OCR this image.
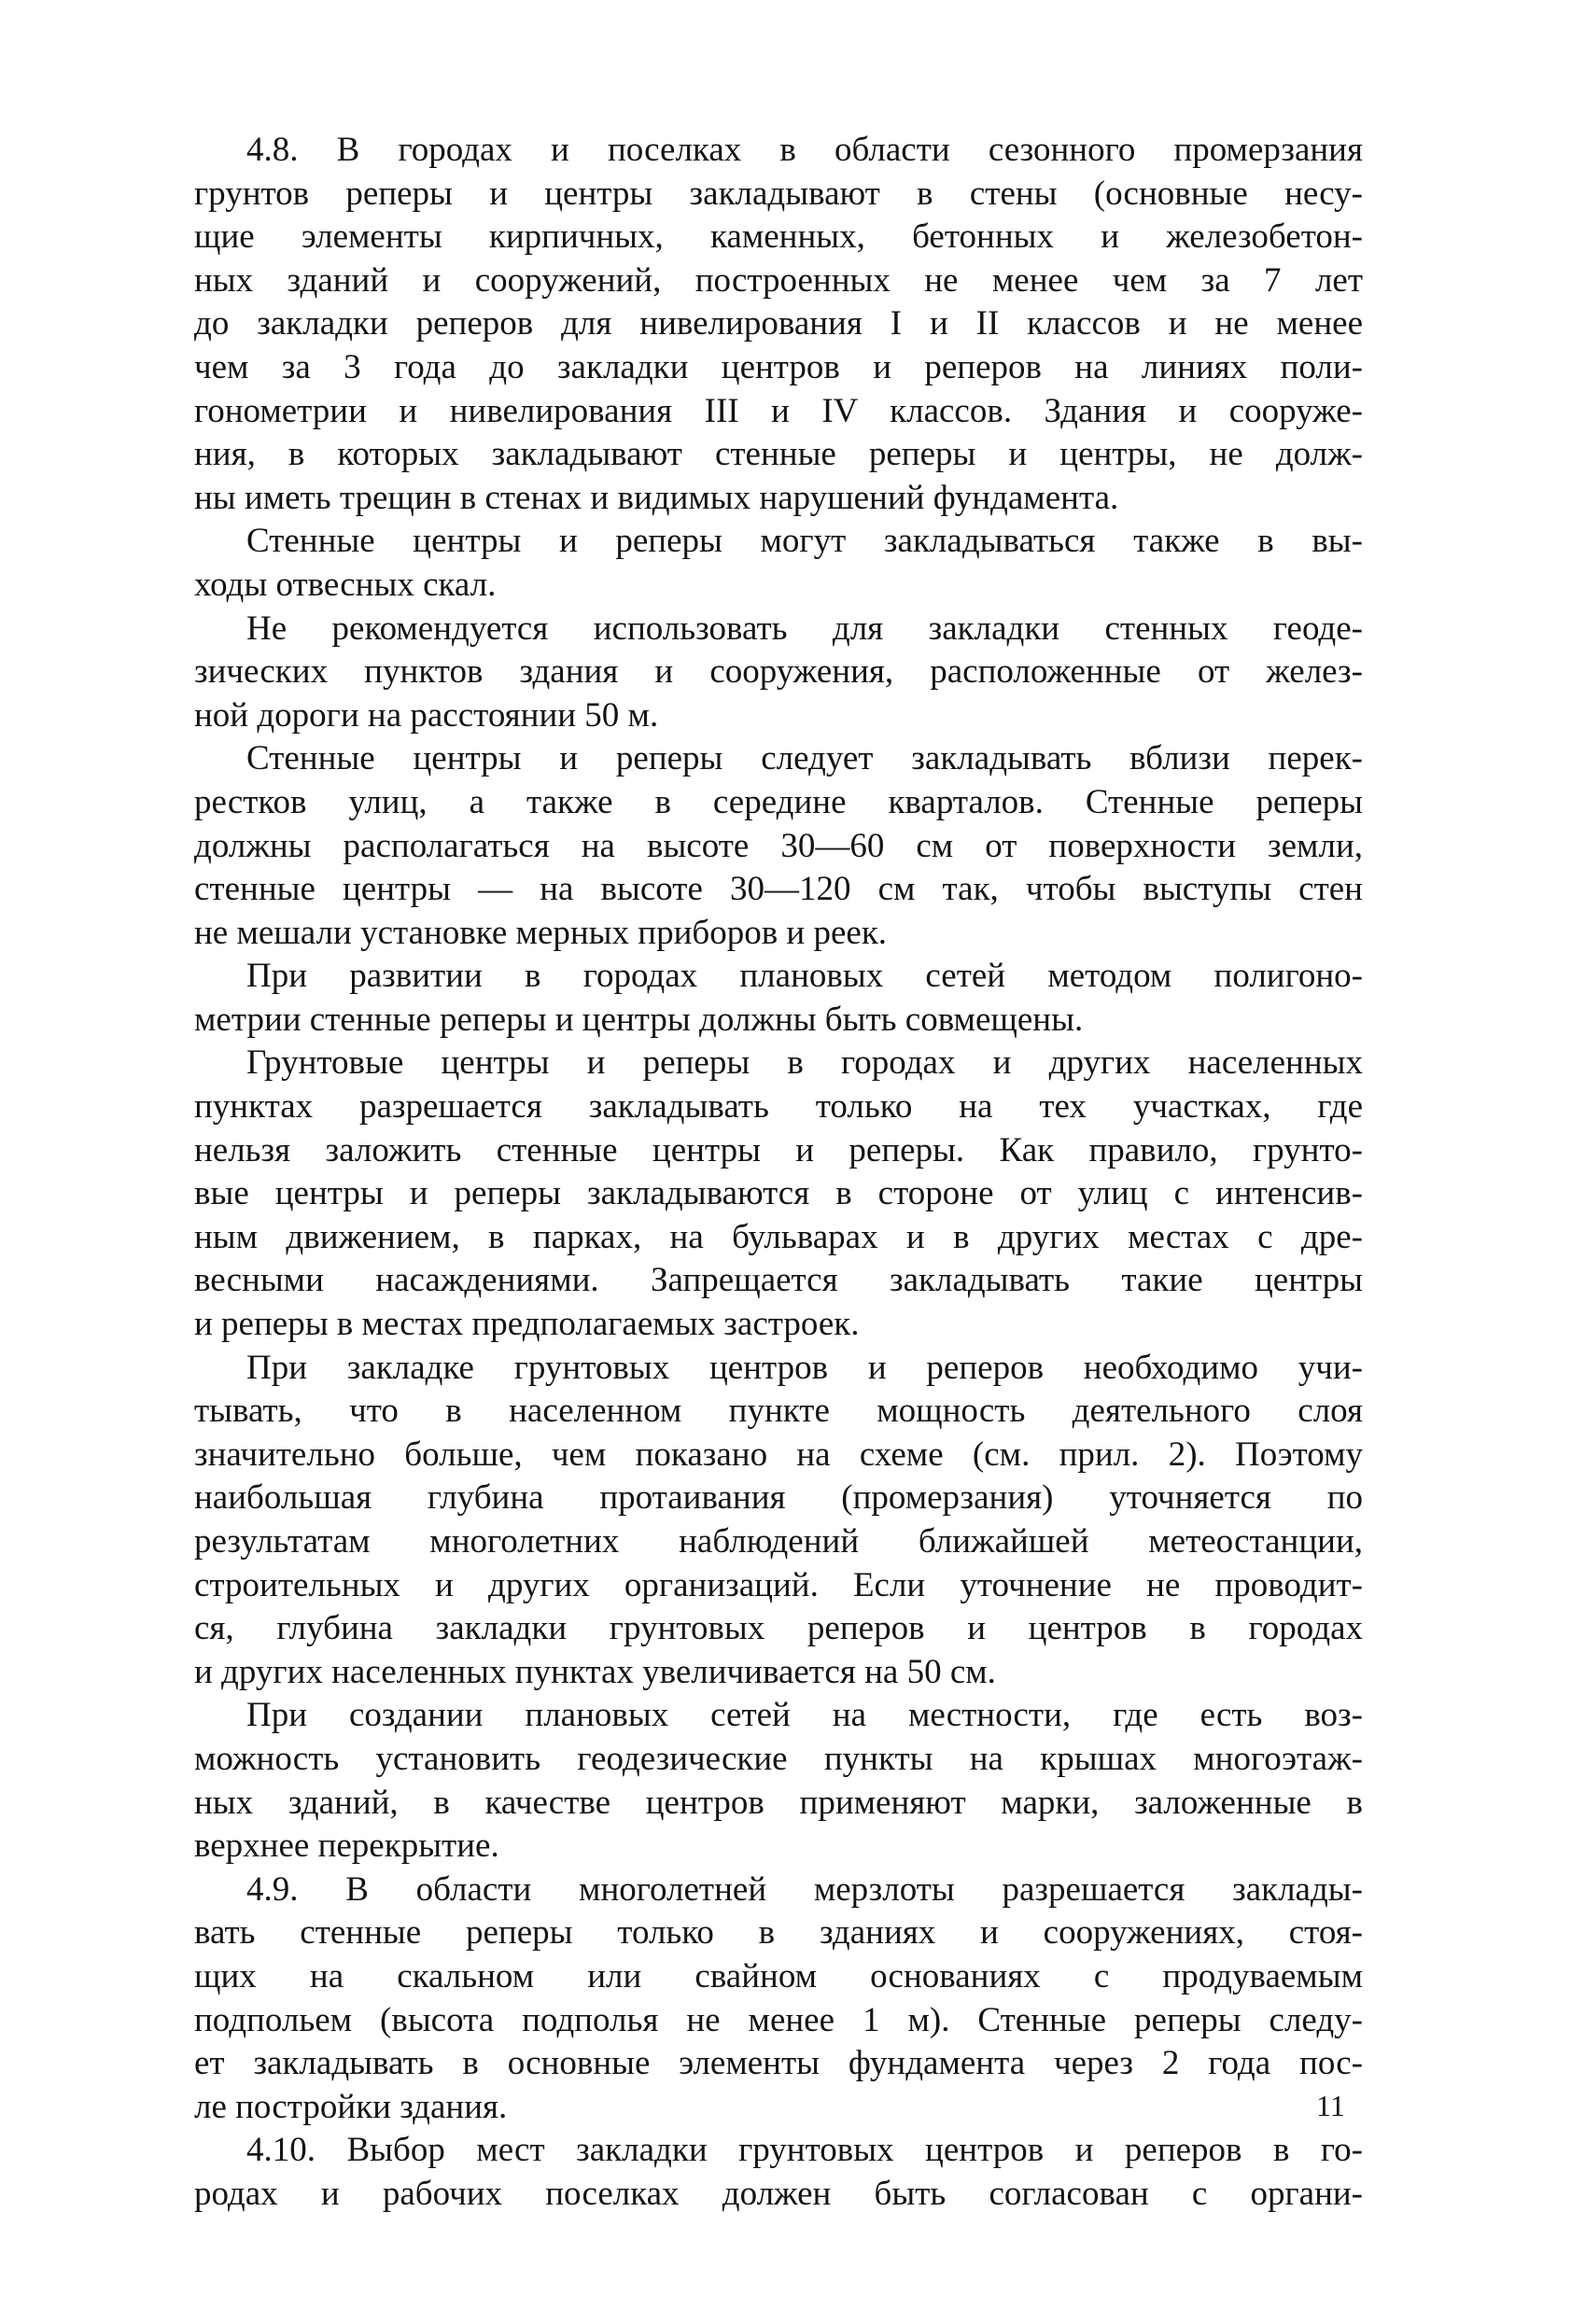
4.8. В городах и поселках в области сезонного промерзания
грунтов реперы и центры закладывают в стены (основные несу-
щие элементы кирпичных, каменных, бетонных и железобетон-
ных зданий и сооружений, построенных не менее чем за 7 лет
до закладки реперов для нивелирования I и II классов и не менее
чем за 3 года до закладки центров и реперов на линиях поли-
гонометрии и нивелирования III и IV классов. Здания и сооруже-
ния, в которых закладывают стенные реперы и центры, не долж-
ны иметь трещин в стенах и видимых нарушений фундамента.

Стенные центры и реперы могут закладываться также в вы-
ходы отвесных скал.

Не рекомендуется использовать для закладки стенных геоде-
зических пунктов здания и сооружения, расположенные от желез-
ной дороги на расстоянии 50 м.

Стенные центры и реперы следует закладывать вблизи перек-
рестков улиц, а также в середине кварталов. Стенные реперы
должны располагаться на высоте 30—60 см от поверхности земли,
стенные центры — на высоте 30—120 см так, чтобы выступы стен
не мешали установке мерных приборов и реек.

При развитии в городах плановых сетей методом полигоно-
метрии стенные реперы и центры должны быть совмещены.

Грунтовые центры и реперы в городах и других населенных
пунктах разрешается закладывать только на тех участках, где
нельзя заложить стенные центры и реперы. Как правило, грунто-
вые центры и реперы закладываются в стороне от улиц с интенсив-
ным движением, в парках, на бульварах и в других местах с дре-
весными насаждениями. Запрещается закладывать такие центры
и реперы в местах предполагаемых застроек.

При закладке грунтовых центров и реперов необходимо учи-
тывать, что в населенном пункте мощность деятельного слоя
значительно больше, чем показано на схеме (см. прил. 2). Поэтому
наибольшая глубина протаивания (промерзания) уточняется по
результатам многолетних наблюдений ближайшей метеостанции,
строительных и других организаций. Если уточнение не проводит-
ся, глубина закладки грунтовых реперов и центров в городах
и других населенных пунктах увеличивается на 50 см.

При создании плановых сетей на местности, где есть воз-
можность установить геодезические пункты на крышах многоэтаж-
ных зданий, в качестве центров применяют марки, заложенные в
верхнее перекрытие.

4.9. В области многолетней мерзлоты разрешается заклады-
вать стенные реперы только в зданиях и сооружениях, стоя-
щих на скальном или свайном основаниях с продуваемым
подпольем (высота подполья не менее 1 м). Стенные реперы следу-
ет закладывать в основные элементы фундамента через 2 года пос-
ле постройки здания.

4.10. Выбор мест закладки грунтовых центров и реперов в го-
родах и рабочих поселках должен быть согласован с органи-

11
